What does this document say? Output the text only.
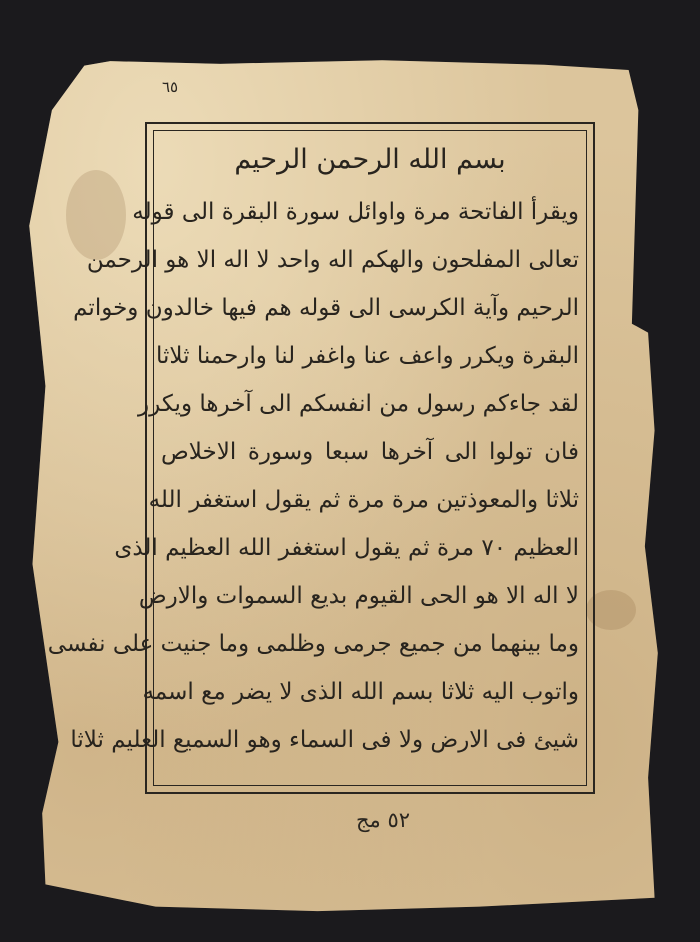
٦٥
بسم الله الرحمن الرحيم
ويقرأ الفاتحة مرة واوائل سورة البقرة الى قوله
تعالى المفلحون والهكم اله واحد لا اله الا هو الرحمن
الرحيم وآية الكرسى الى قوله هم فيها خالدون وخواتم
البقرة ويكرر واعف عنا واغفر لنا وارحمنا ثلاثا
لقد جاءكم رسول من انفسكم الى آخرها ويكرر
فان تولوا الى آخرها سبعا وسورة الاخلاص
ثلاثا والمعوذتين مرة مرة ثم يقول استغفر الله
العظيم ٧٠ مرة ثم يقول استغفر الله العظيم الذى
لا اله الا هو الحى القيوم بديع السموات والارض
وما بينهما من جميع جرمى وظلمى وما جنيت على نفسى
واتوب اليه ثلاثا بسم الله الذى لا يضر مع اسمه
شيئ فى الارض ولا فى السماء وهو السميع العليم ثلاثا
٥٢ مج
